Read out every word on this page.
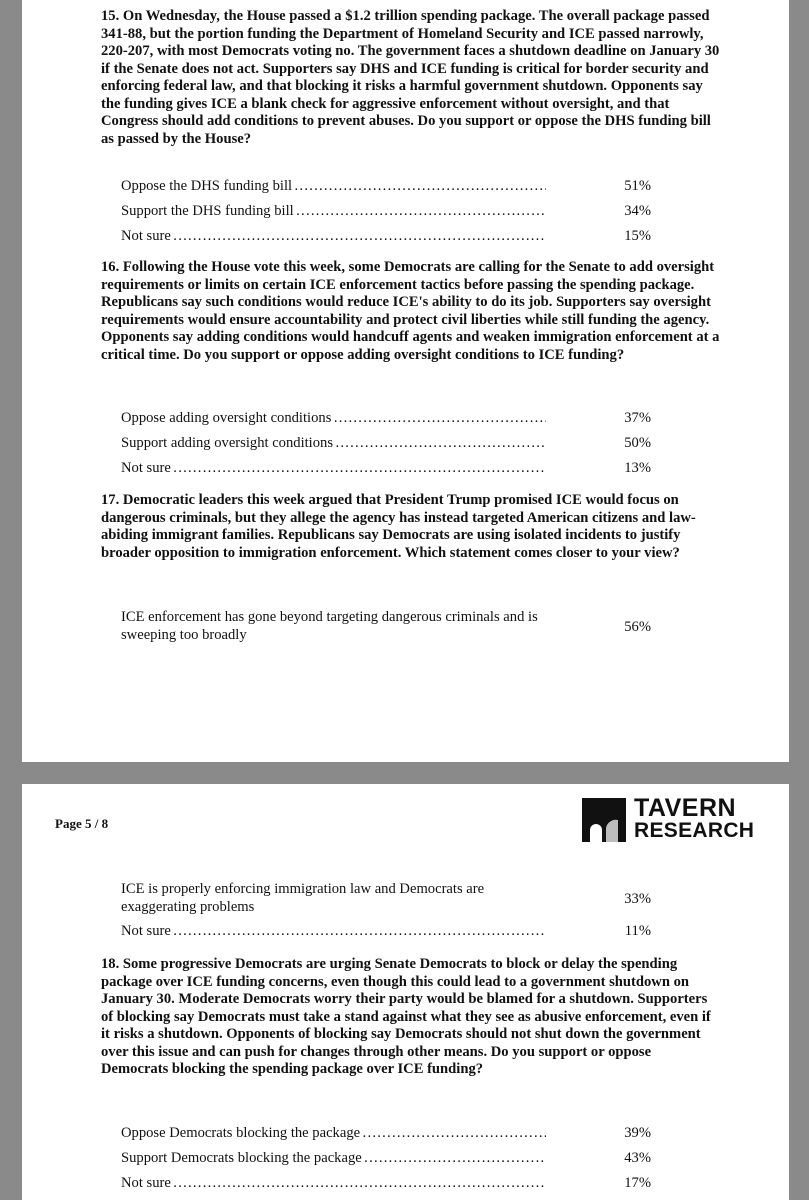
15. On Wednesday, the House passed a $1.2 trillion spending package. The overall package passed 341-88, but the portion funding the Department of Homeland Security and ICE passed narrowly, 220-207, with most Democrats voting no. The government faces a shutdown deadline on January 30 if the Senate does not act. Supporters say DHS and ICE funding is critical for border security and enforcing federal law, and that blocking it risks a harmful government shutdown. Opponents say the funding gives ICE a blank check for aggressive enforcement without oversight, and that Congress should add conditions to prevent abuses. Do you support or oppose the DHS funding bill as passed by the House?

Oppose the DHS funding bill . . .	51%
Support the DHS funding bill . . .	34%
Not sure . . .	15%

16. Following the House vote this week, some Democrats are calling for the Senate to add oversight requirements or limits on certain ICE enforcement tactics before passing the spending package. Republicans say such conditions would reduce ICE's ability to do its job. Supporters say oversight requirements would ensure accountability and protect civil liberties while still funding the agency. Opponents say adding conditions would handcuff agents and weaken immigration enforcement at a critical time. Do you support or oppose adding oversight conditions to ICE funding?

Oppose adding oversight conditions . . .	37%
Support adding oversight conditions . . .	50%
Not sure . . .	13%

17. Democratic leaders this week argued that President Trump promised ICE would focus on dangerous criminals, but they allege the agency has instead targeted American citizens and law-abiding immigrant families. Republicans say Democrats are using isolated incidents to justify broader opposition to immigration enforcement. Which statement comes closer to your view?

ICE enforcement has gone beyond targeting dangerous criminals and is sweeping too broadly	56%
Page 5 / 8
TAVERN
RESEARCH
ICE is properly enforcing immigration law and Democrats are exaggerating problems	33%
Not sure . . .	11%

18. Some progressive Democrats are urging Senate Democrats to block or delay the spending package over ICE funding concerns, even though this could lead to a government shutdown on January 30. Moderate Democrats worry their party would be blamed for a shutdown. Supporters of blocking say Democrats must take a stand against what they see as abusive enforcement, even if it risks a shutdown. Opponents of blocking say Democrats should not shut down the government over this issue and can push for changes through other means. Do you support or oppose Democrats blocking the spending package over ICE funding?

Oppose Democrats blocking the package . . .	39%
Support Democrats blocking the package . . .	43%
Not sure . . .	17%
